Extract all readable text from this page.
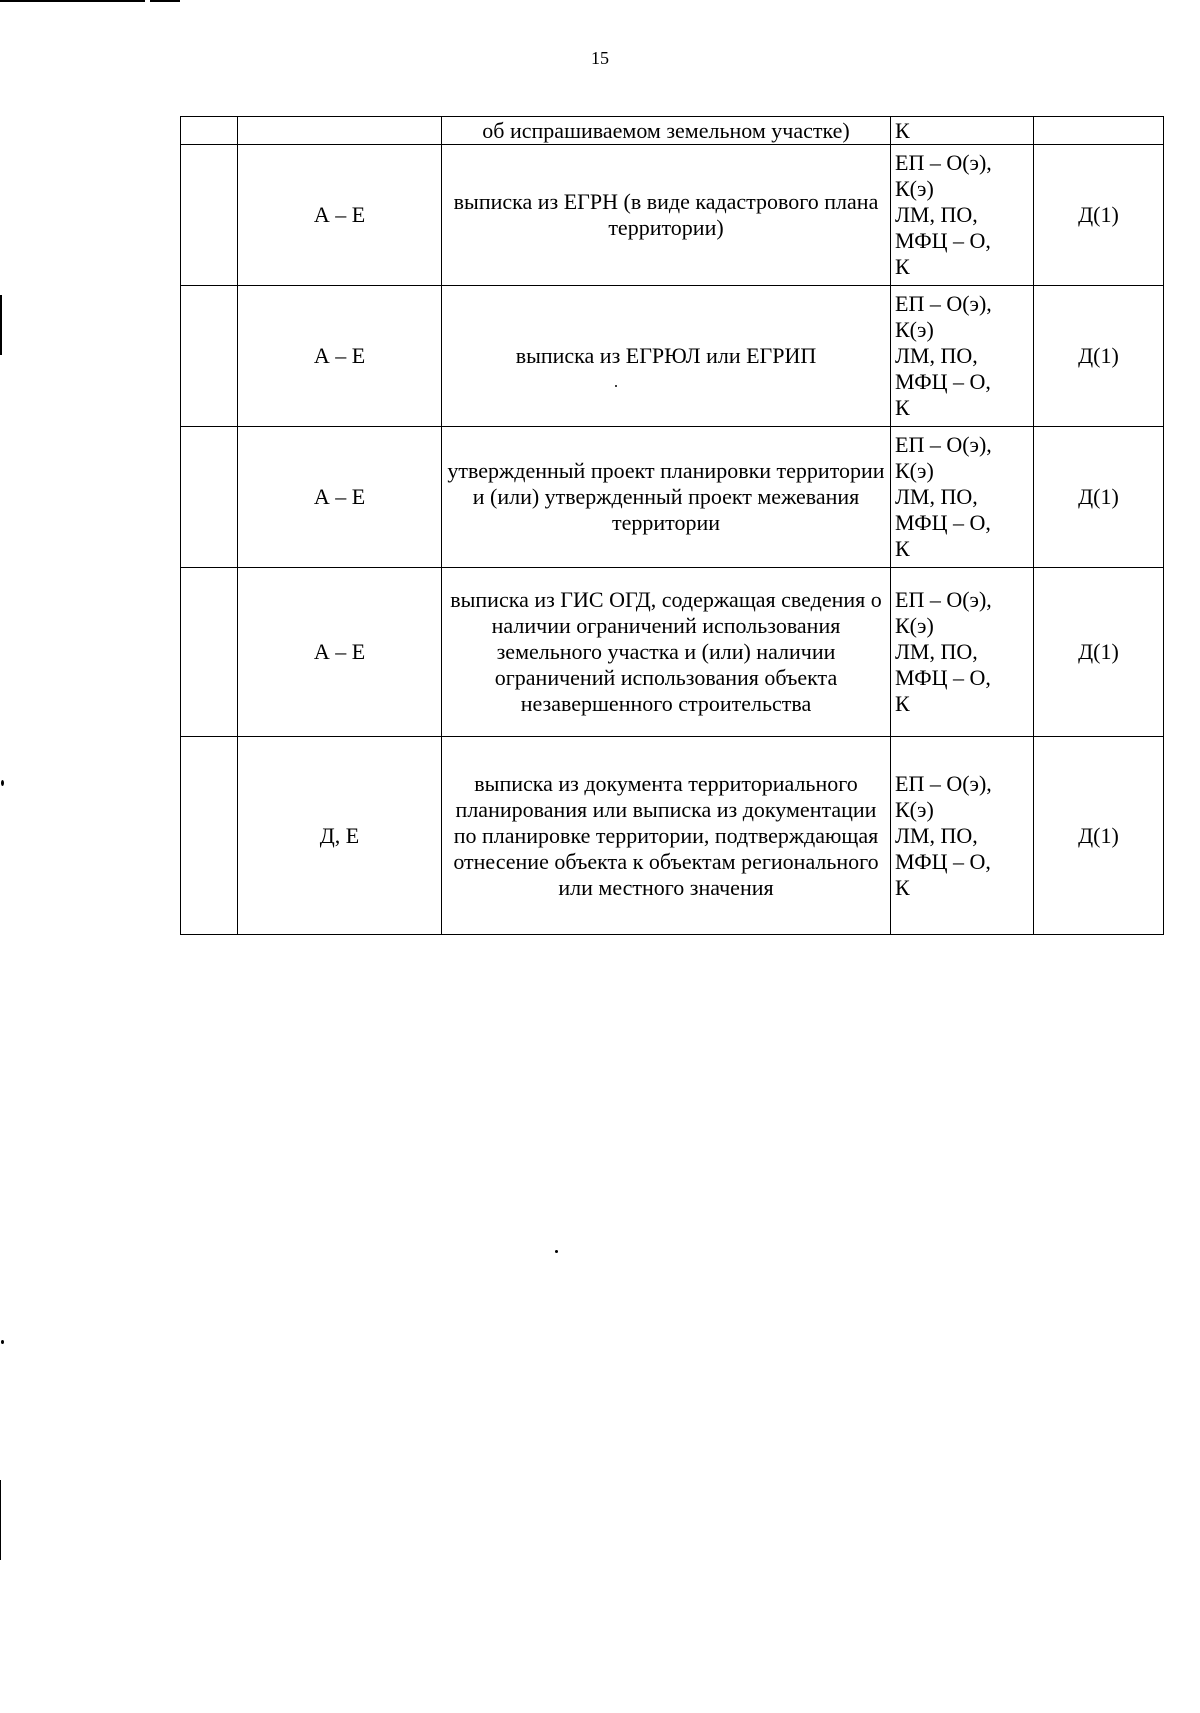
15
		об испрашиваемом земельном участке)	К	
	А – Е	выписка из ЕГРН (в виде кадастрового плана территории)	ЕП – О(э),
К(э)
ЛМ, ПО,
МФЦ – О,
К	Д(1)
	А – Е	выписка из ЕГРЮЛ или ЕГРИП	ЕП – О(э),
К(э)
ЛМ, ПО,
МФЦ – О,
К	Д(1)
	А – Е	утвержденный проект планировки территории и (или) утвержденный проект межевания территории	ЕП – О(э),
К(э)
ЛМ, ПО,
МФЦ – О,
К	Д(1)
	А – Е	выписка из ГИС ОГД, содержащая сведения о наличии ограничений использования земельного участка и (или) наличии ограничений использования объекта незавершенного строительства	ЕП – О(э),
К(э)
ЛМ, ПО,
МФЦ – О,
К	Д(1)
	Д, Е	выписка из документа территориального планирования или выписка из документации по планировке территории, подтверждающая отнесение объекта к объектам регионального или местного значения	ЕП – О(э),
К(э)
ЛМ, ПО,
МФЦ – О,
К	Д(1)
